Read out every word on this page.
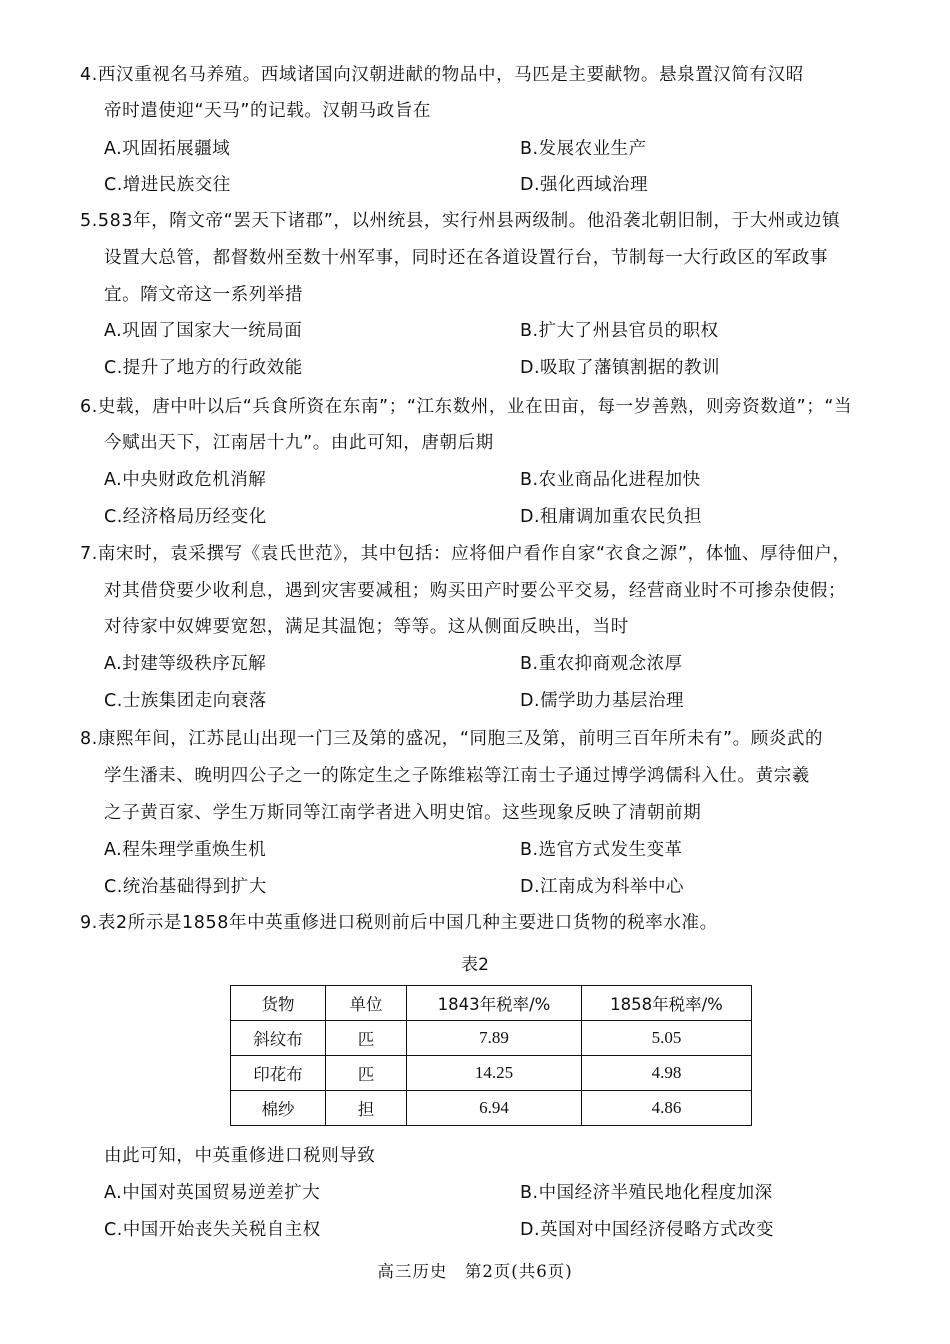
4.西汉重视名马养殖。西域诸国向汉朝进献的物品中，马匹是主要献物。悬泉置汉简有汉昭
帝时遣使迎“天马”的记载。汉朝马政旨在
A.巩固拓展疆域	B.发展农业生产
C.增进民族交往	D.强化西域治理
5.583年，隋文帝“罢天下诸郡”，以州统县，实行州县两级制。他沿袭北朝旧制，于大州或边镇
设置大总管，都督数州至数十州军事，同时还在各道设置行台，节制每一大行政区的军政事
宜。隋文帝这一系列举措
A.巩固了国家大一统局面	B.扩大了州县官员的职权
C.提升了地方的行政效能	D.吸取了藩镇割据的教训
6.史载，唐中叶以后“兵食所资在东南”；“江东数州，业在田亩，每一岁善熟，则旁资数道”；“当
今赋出天下，江南居十九”。由此可知，唐朝后期
A.中央财政危机消解	B.农业商品化进程加快
C.经济格局历经变化	D.租庸调加重农民负担
7.南宋时，袁采撰写《袁氏世范》，其中包括：应将佃户看作自家“衣食之源”，体恤、厚待佃户，
对其借贷要少收利息，遇到灾害要减租；购买田产时要公平交易，经营商业时不可掺杂使假；
对待家中奴婢要宽恕，满足其温饱；等等。这从侧面反映出，当时
A.封建等级秩序瓦解	B.重农抑商观念浓厚
C.士族集团走向衰落	D.儒学助力基层治理
8.康熙年间，江苏昆山出现一门三及第的盛况，“同胞三及第，前明三百年所未有”。顾炎武的
学生潘耒、晚明四公子之一的陈定生之子陈维崧等江南士子通过博学鸿儒科入仕。黄宗羲
之子黄百家、学生万斯同等江南学者进入明史馆。这些现象反映了清朝前期
A.程朱理学重焕生机	B.选官方式发生变革
C.统治基础得到扩大	D.江南成为科举中心
9.表2所示是1858年中英重修进口税则前后中国几种主要进口货物的税率水准。
表2
货物	单位	1843年税率/%	1858年税率/%
斜纹布	匹	7.89	5.05
印花布	匹	14.25	4.98
棉纱	担	6.94	4.86
由此可知，中英重修进口税则导致
A.中国对英国贸易逆差扩大	B.中国经济半殖民地化程度加深
C.中国开始丧失关税自主权	D.英国对中国经济侵略方式改变
高三历史　第2页(共6页)
